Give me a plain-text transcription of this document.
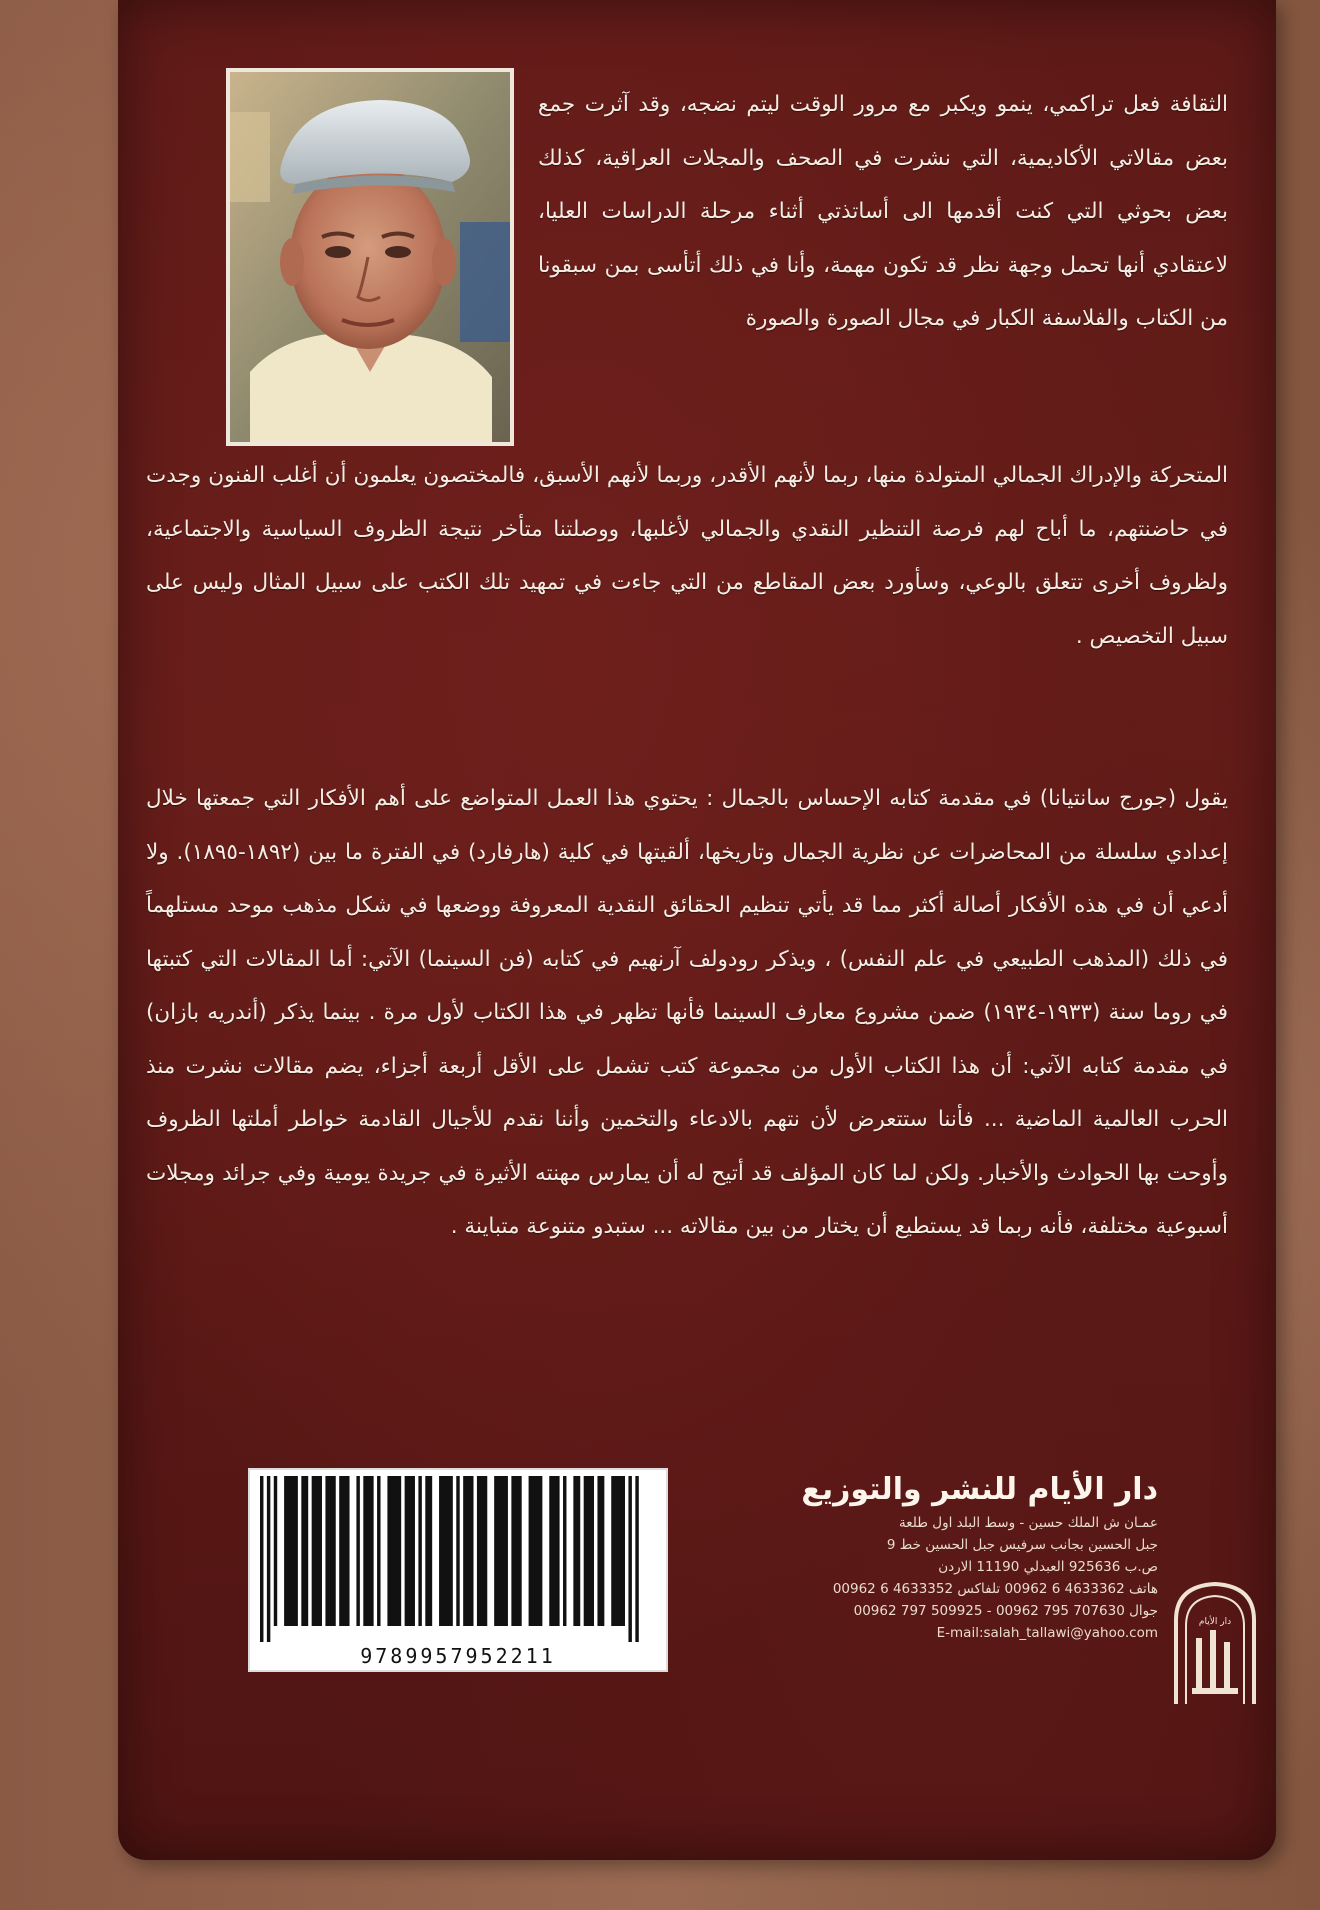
الثقافة فعل تراكمي، ينمو ويكبر مع مرور الوقت ليتم نضجه، وقد آثرت جمع بعض مقالاتي الأكاديمية، التي نشرت في الصحف والمجلات العراقية، كذلك بعض بحوثي التي كنت أقدمها الى أساتذتي أثناء مرحلة الدراسات العليا، لاعتقادي أنها تحمل وجهة نظر قد تكون مهمة، وأنا في ذلك أتأسى بمن سبقونا من الكتاب والفلاسفة الكبار في مجال الصورة والصورة

المتحركة والإدراك الجمالي المتولدة منها، ربما لأنهم الأقدر، وربما لأنهم الأسبق، فالمختصون يعلمون أن أغلب الفنون وجدت في حاضنتهم، ما أباح لهم فرصة التنظير النقدي والجمالي لأغلبها، ووصلتنا متأخر نتيجة الظروف السياسية والاجتماعية، ولظروف أخرى تتعلق بالوعي، وسأورد بعض المقاطع من التي جاءت في تمهيد تلك الكتب على سبيل المثال وليس على سبيل التخصيص .

يقول (جورج سانتيانا) في مقدمة كتابه الإحساس بالجمال : يحتوي هذا العمل المتواضع على أهم الأفكار التي جمعتها خلال إعدادي سلسلة من المحاضرات عن نظرية الجمال وتاريخها، ألقيتها في كلية (هارفارد) في الفترة ما بين (١٨٩٢-١٨٩٥). ولا أدعي أن في هذه الأفكار أصالة أكثر مما قد يأتي تنظيم الحقائق النقدية المعروفة ووضعها في شكل مذهب موحد مستلهماً في ذلك (المذهب الطبيعي في علم النفس) ، ويذكر رودولف آرنهيم في كتابه (فن السينما) الآتي: أما المقالات التي كتبتها في روما سنة (١٩٣٣-١٩٣٤) ضمن مشروع معارف السينما فأنها تظهر في هذا الكتاب لأول مرة . بينما يذكر (أندريه بازان) في مقدمة كتابه الآتي: أن هذا الكتاب الأول من مجموعة كتب تشمل على الأقل أربعة أجزاء، يضم مقالات نشرت منذ الحرب العالمية الماضية ... فأننا ستتعرض لأن نتهم بالادعاء والتخمين وأننا نقدم للأجيال القادمة خواطر أملتها الظروف وأوحت بها الحوادث والأخبار. ولكن لما كان المؤلف قد أتيح له أن يمارس مهنته الأثيرة في جريدة يومية وفي جرائد ومجلات أسبوعية مختلفة، فأنه ربما قد يستطيع أن يختار من بين مقالاته ... ستبدو متنوعة متباينة .

9789957952211
دار الأيام للنشر والتوزيع
عمـان ش الملك حسين - وسط البلد اول طلعة
جبل الحسين بجانب سرفيس جبل الحسين خط 9
ص.ب 925636 العبدلي 11190 الاردن
هاتف 4633362 6 00962 تلفاكس 4633352 6 00962
جوال 707630 795 00962 - 509925 797 00962
E-mail:salah_tallawi@yahoo.com
دار الأيام
